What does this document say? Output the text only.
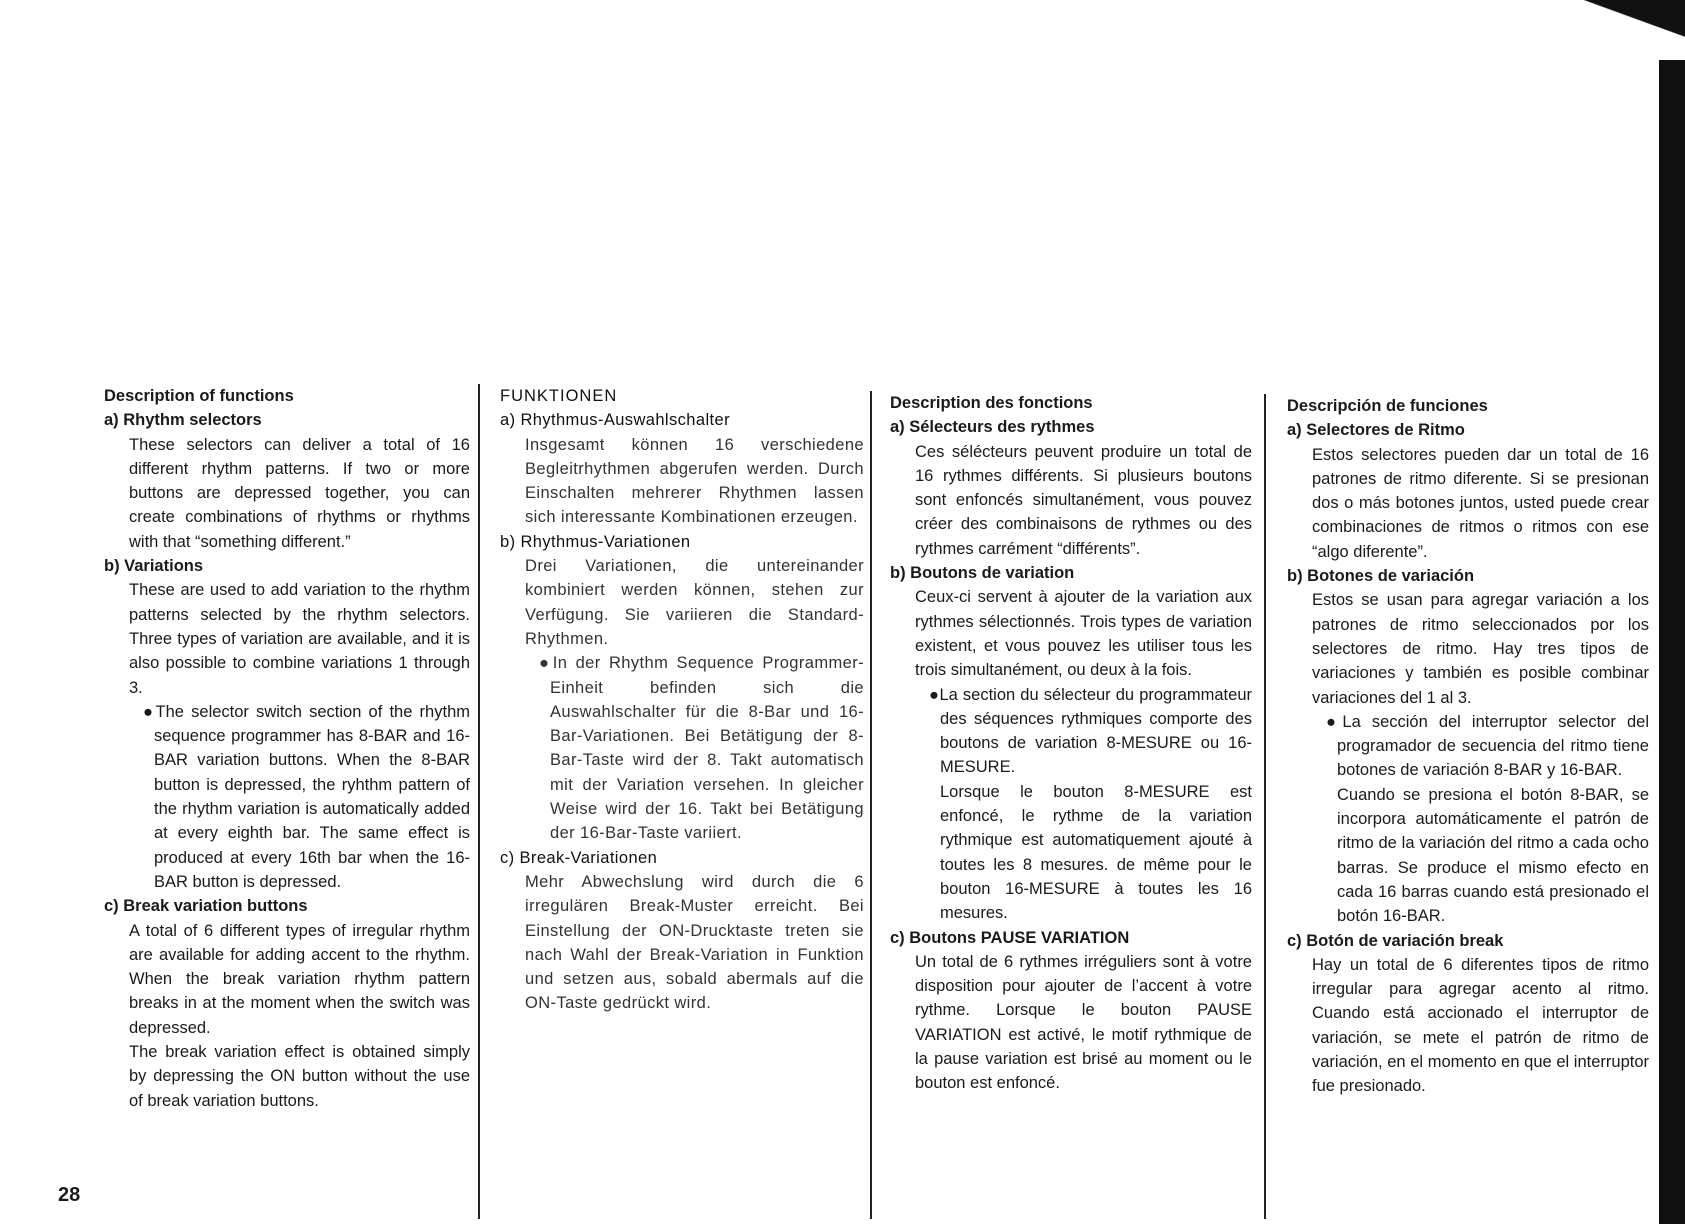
Description of functions

a) Rhythm selectors

These selectors can deliver a total of 16 different rhythm patterns. If two or more buttons are depressed together, you can create combinations of rhythms or rhythms with that “something different.”

b) Variations

These are used to add variation to the rhythm patterns selected by the rhythm selectors. Three types of variation are available, and it is also possible to combine variations 1 through 3.

●The selector switch section of the rhythm sequence programmer has 8-BAR and 16-BAR variation buttons. When the 8-BAR button is depressed, the ryhthm pattern of the rhythm variation is automatically added at every eighth bar. The same effect is produced at every 16th bar when the 16-BAR button is depressed.

c) Break variation buttons

A total of 6 different types of irregular rhythm are available for adding accent to the rhythm. When the break variation rhythm pattern breaks in at the moment when the switch was depressed.

The break variation effect is obtained simply by depressing the ON button without the use of break variation buttons.

FUNKTIONEN

a) Rhythmus-Auswahlschalter

Insgesamt können 16 verschiedene Begleitrhythmen abgerufen werden. Durch Einschalten mehrerer Rhythmen lassen sich interessante Kombinationen erzeugen.

b) Rhythmus-Variationen

Drei Variationen, die untereinander kombiniert werden können, stehen zur Verfügung. Sie variieren die Standard-Rhythmen.

●In der Rhythm Sequence Programmer-Einheit befinden sich die Auswahlschalter für die 8-Bar und 16-Bar-Variationen. Bei Betätigung der 8-Bar-Taste wird der 8. Takt automatisch mit der Variation versehen. In gleicher Weise wird der 16. Takt bei Betätigung der 16-Bar-Taste variiert.

c) Break-Variationen

Mehr Abwechslung wird durch die 6 irregulären Break-Muster erreicht. Bei Einstellung der ON-Drucktaste treten sie nach Wahl der Break-Variation in Funktion und setzen aus, sobald abermals auf die ON-Taste gedrückt wird.

Description des fonctions

a) Sélecteurs des rythmes

Ces sélécteurs peuvent produire un total de 16 rythmes différents. Si plusieurs boutons sont enfoncés simultanément, vous pouvez créer des combinaisons de rythmes ou des rythmes carrément “différents”.

b) Boutons de variation

Ceux-ci servent à ajouter de la variation aux rythmes sélectionnés. Trois types de variation existent, et vous pouvez les utiliser tous les trois simultanément, ou deux à la fois.

●La section du sélecteur du programmateur des séquences rythmiques comporte des boutons de variation 8-MESURE ou 16-MESURE.

Lorsque le bouton 8-MESURE est enfoncé, le rythme de la variation rythmique est automatiquement ajouté à toutes les 8 mesures. de même pour le bouton 16-MESURE à toutes les 16 mesures.

c) Boutons PAUSE VARIATION

Un total de 6 rythmes irréguliers sont à votre disposition pour ajouter de l’accent à votre rythme. Lorsque le bouton PAUSE VARIATION est activé, le motif rythmique de la pause variation est brisé au moment ou le bouton est enfoncé.

Descripción de funciones

a) Selectores de Ritmo

Estos selectores pueden dar un total de 16 patrones de ritmo diferente. Si se presionan dos o más botones juntos, usted puede crear combinaciones de ritmos o ritmos con ese “algo diferente”.

b) Botones de variación

Estos se usan para agregar variación a los patrones de ritmo seleccionados por los selectores de ritmo. Hay tres tipos de variaciones y también es posible combinar variaciones del 1 al 3.

●La sección del interruptor selector del programador de secuencia del ritmo tiene botones de variación 8-BAR y 16-BAR.

Cuando se presiona el botón 8-BAR, se incorpora automáticamente el patrón de ritmo de la variación del ritmo a cada ocho barras. Se produce el mismo efecto en cada 16 barras cuando está presionado el botón 16-BAR.

c) Botón de variación break

Hay un total de 6 diferentes tipos de ritmo irregular para agregar acento al ritmo. Cuando está accionado el interruptor de variación, se mete el patrón de ritmo de variación, en el momento en que el interruptor fue presionado.

28
